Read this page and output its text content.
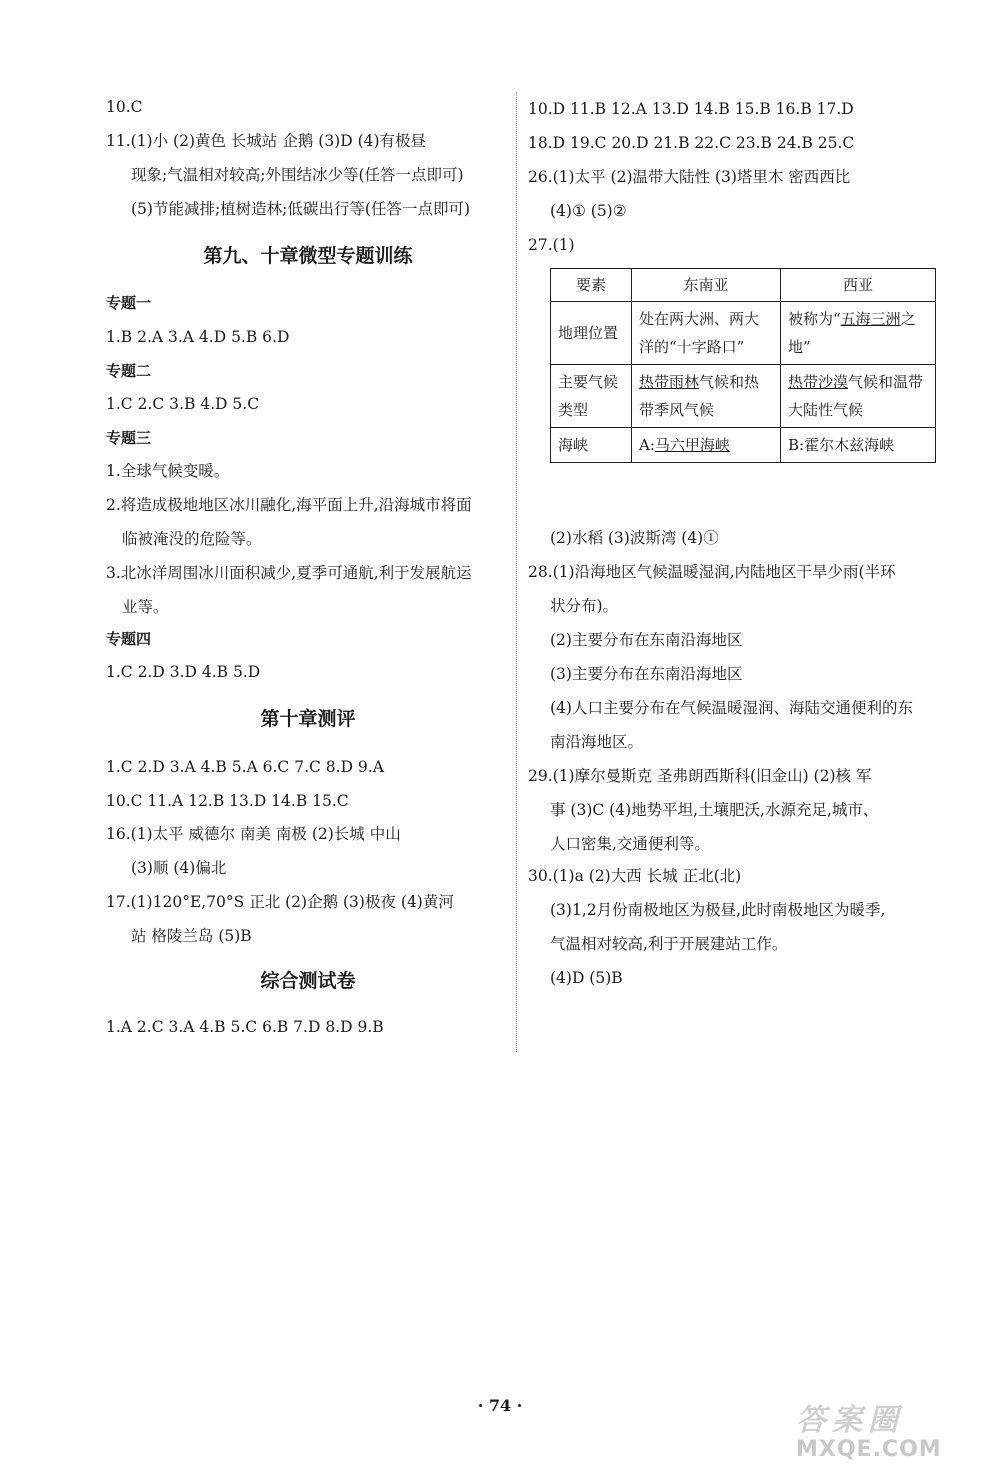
10.C
11.(1)小 (2)黄色 长城站 企鹅 (3)D (4)有极昼
现象;气温相对较高;外围结冰少等(任答一点即可)
(5)节能减排;植树造林;低碳出行等(任答一点即可)
第九、十章微型专题训练
专题一
1.B 2.A 3.A 4.D 5.B 6.D
专题二
1.C 2.C 3.B 4.D 5.C
专题三
1.全球气候变暖。
2.将造成极地地区冰川融化,海平面上升,沿海城市将面
临被淹没的危险等。
3.北冰洋周围冰川面积减少,夏季可通航,利于发展航运
业等。
专题四
1.C 2.D 3.D 4.B 5.D
第十章测评
1.C 2.D 3.A 4.B 5.A 6.C 7.C 8.D 9.A
10.C 11.A 12.B 13.D 14.B 15.C
16.(1)太平 威德尔 南美 南极 (2)长城 中山
(3)顺 (4)偏北
17.(1)120°E,70°S 正北 (2)企鹅 (3)极夜 (4)黄河
站 格陵兰岛 (5)B
综合测试卷
1.A 2.C 3.A 4.B 5.C 6.B 7.D 8.D 9.B
10.D 11.B 12.A 13.D 14.B 15.B 16.B 17.D
18.D 19.C 20.D 21.B 22.C 23.B 24.B 25.C
26.(1)太平 (2)温带大陆性 (3)塔里木 密西西比
(4)① (5)②
27.(1)
要素	东南亚	西亚
地理位置	处在两大洲、两大洋的“十字路口”	被称为“五海三洲之地”
主要气候类型	热带雨林气候和热带季风气候	热带沙漠气候和温带大陆性气候
海峡	A:马六甲海峡	B:霍尔木兹海峡
(2)水稻 (3)波斯湾 (4)①
28.(1)沿海地区气候温暖湿润,内陆地区干旱少雨(半环
状分布)。
(2)主要分布在东南沿海地区
(3)主要分布在东南沿海地区
(4)人口主要分布在气候温暖湿润、海陆交通便利的东
南沿海地区。
29.(1)摩尔曼斯克 圣弗朗西斯科(旧金山) (2)核 军
事 (3)C (4)地势平坦,土壤肥沃,水源充足,城市、
人口密集,交通便利等。
30.(1)a (2)大西 长城 正北(北)
(3)1,2月份南极地区为极昼,此时南极地区为暖季,
气温相对较高,利于开展建站工作。
(4)D (5)B
· 74 ·	答案圈
MXQE.COM
